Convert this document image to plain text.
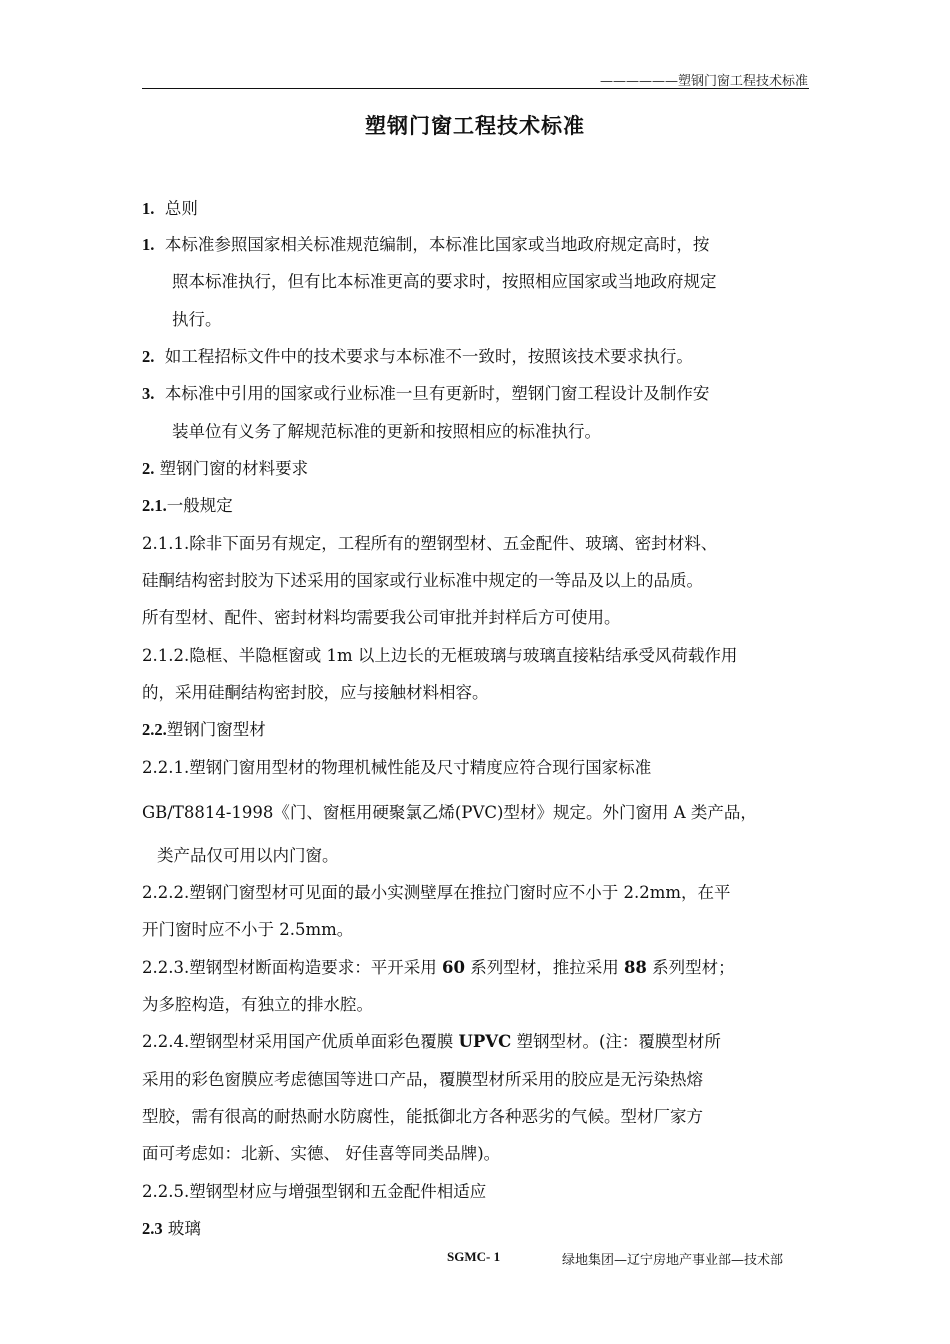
——————塑钢门窗工程技术标准
塑钢门窗工程技术标准
1. 总则
1. 本标准参照国家相关标准规范编制，本标准比国家或当地政府规定高时，按
照本标准执行，但有比本标准更高的要求时，按照相应国家或当地政府规定
执行。
2. 如工程招标文件中的技术要求与本标准不一致时，按照该技术要求执行。
3. 本标准中引用的国家或行业标准一旦有更新时，塑钢门窗工程设计及制作安
装单位有义务了解规范标准的更新和按照相应的标准执行。
2. 塑钢门窗的材料要求
2.1.一般规定
2.1.1.除非下面另有规定，工程所有的塑钢型材、五金配件、玻璃、密封材料、
硅酮结构密封胶为下述采用的国家或行业标准中规定的一等品及以上的品质。
所有型材、配件、密封材料均需要我公司审批并封样后方可使用。
2.1.2.隐框、半隐框窗或 1m 以上边长的无框玻璃与玻璃直接粘结承受风荷载作用
的，采用硅酮结构密封胶，应与接触材料相容。
2.2.塑钢门窗型材
2.2.1.塑钢门窗用型材的物理机械性能及尺寸精度应符合现行国家标准
GB/T8814-1998《门、窗框用硬聚氯乙烯(PVC)型材》规定。外门窗用 A 类产品，
类产品仅可用以内门窗。
2.2.2.塑钢门窗型材可见面的最小实测壁厚在推拉门窗时应不小于 2.2mm，在平
开门窗时应不小于 2.5mm。
2.2.3.塑钢型材断面构造要求：平开采用 60 系列型材，推拉采用 88 系列型材；
为多腔构造，有独立的排水腔。
2.2.4.塑钢型材采用国产优质单面彩色覆膜 UPVC 塑钢型材。(注：覆膜型材所
采用的彩色窗膜应考虑德国等进口产品，覆膜型材所采用的胶应是无污染热熔
型胶，需有很高的耐热耐水防腐性，能抵御北方各种恶劣的气候。型材厂家方
面可考虑如：北新、实德、 好佳喜等同类品牌)。
2.2.5.塑钢型材应与增强型钢和五金配件相适应
2.3 玻璃
SGMC- 1	绿地集团—辽宁房地产事业部—技术部
